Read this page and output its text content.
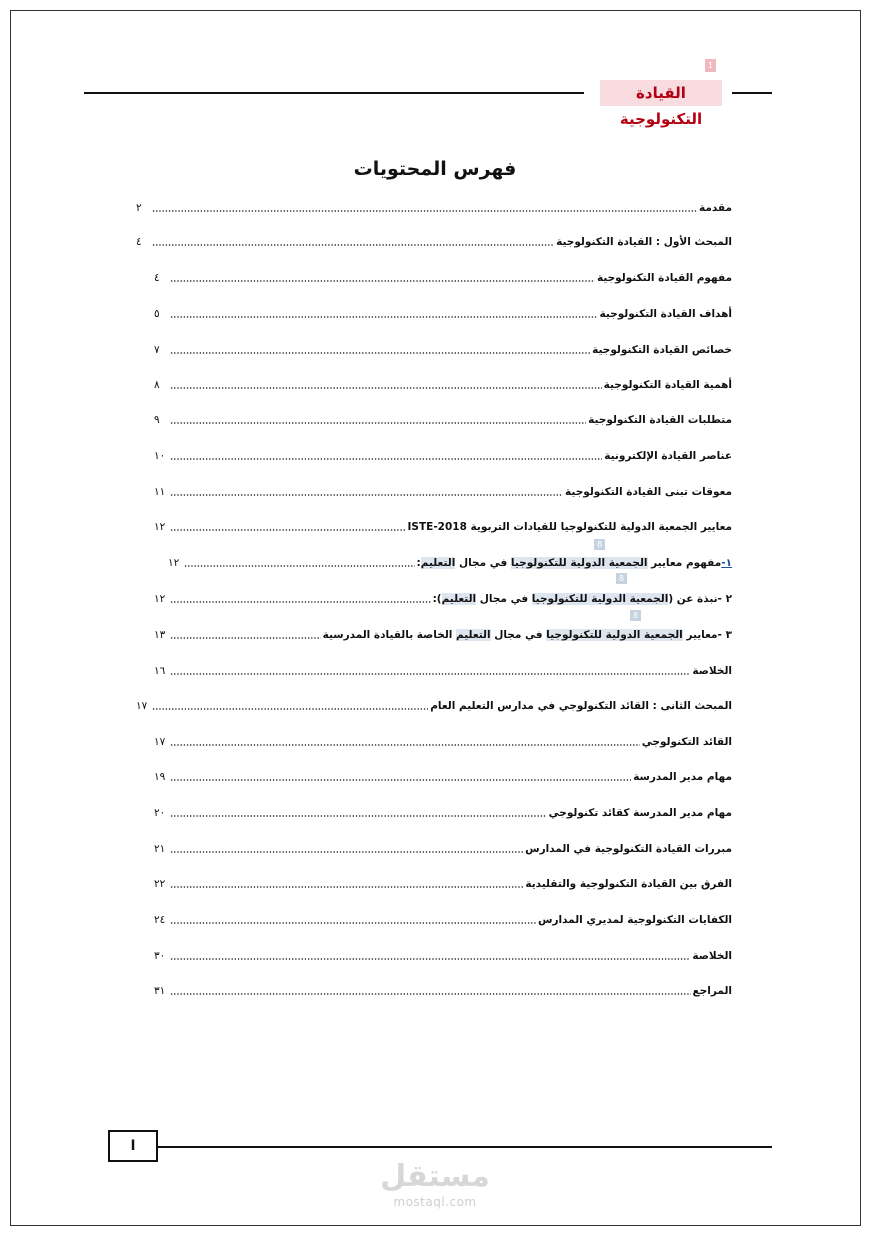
1
القيادة التكنولوجية
فهرس المحتويات
مقدمة
٢
المبحث الأول : القيادة التكنولوجية
٤
مفهوم القيادة التكنولوجية
٤
أهداف القيادة التكنولوجية
٥
خصائص القيادة التكنولوجية
٧
أهمية القيادة التكنولوجية
٨
متطلبات القيادة التكنولوجية
٩
عناصر القيادة الإلكترونية
١٠
معوقات تبنى القيادة التكنولوجية
١١
معايير الجمعية الدولية للتكنولوجيا للقيادات التربوية ISTE-2018
١٢
8
١-مفهوم معايير الجمعية الدولية للتكنولوجيا في مجال التعليم:
١٢
8
٢ -نبذة عن (الجمعية الدولية للتكنولوجيا في مجال التعليم):
١٢
8
٣ -معايير الجمعية الدولية للتكنولوجيا في مجال التعليم الخاصة بالقيادة المدرسية
١٣
الخلاصة
١٦
المبحث الثانى : القائد التكنولوجي في مدارس التعليم العام
١٧
القائد التكنولوجي
١٧
مهام مدير المدرسة
١٩
مهام مدير المدرسة كقائد تكنولوجي
٢٠
مبررات القيادة التكنولوجية في المدارس
٢١
الفرق بين القيادة التكنولوجية والتقليدية
٢٢
الكفايات التكنولوجية لمديري المدارس
٢٤
الخلاصة
٣٠
المراجع
٣١
ا
مستقل
mostaql.com
